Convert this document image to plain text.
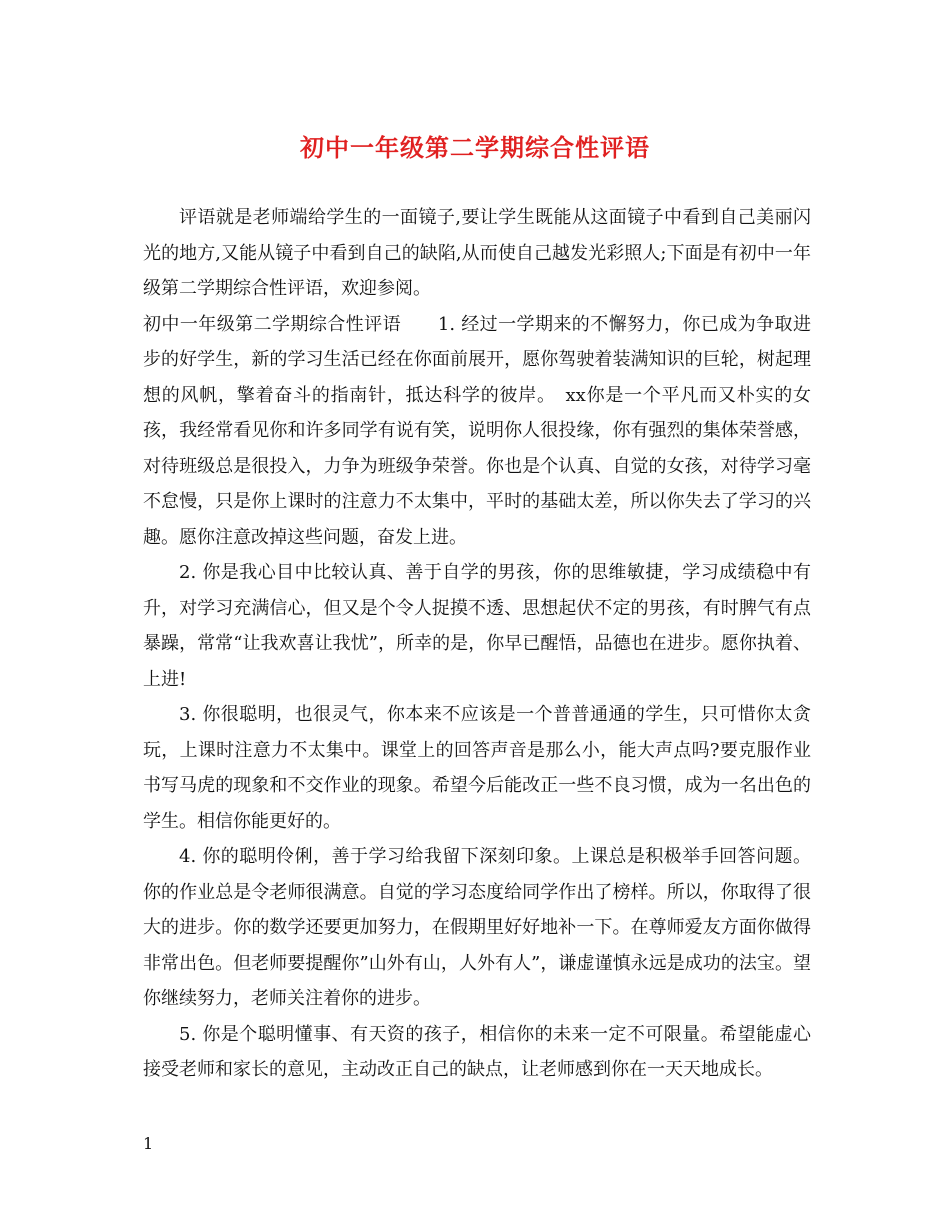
初中一年级第二学期综合性评语

评语就是老师端给学生的一面镜子,要让学生既能从这面镜子中看到自己美丽闪光的地方,又能从镜子中看到自己的缺陷,从而使自己越发光彩照人;下面是有初中一年级第二学期综合性评语，欢迎参阅。

初中一年级第二学期综合性评语　　1. 经过一学期来的不懈努力，你已成为争取进步的好学生，新的学习生活已经在你面前展开，愿你驾驶着装满知识的巨轮，树起理想的风帆，擎着奋斗的指南针，抵达科学的彼岸。　xx你是一个平凡而又朴实的女孩，我经常看见你和许多同学有说有笑，说明你人很投缘，你有强烈的集体荣誉感，对待班级总是很投入，力争为班级争荣誉。你也是个认真、自觉的女孩，对待学习毫不怠慢，只是你上课时的注意力不太集中，平时的基础太差，所以你失去了学习的兴趣。愿你注意改掉这些问题，奋发上进。

2. 你是我心目中比较认真、善于自学的男孩，你的思维敏捷，学习成绩稳中有升，对学习充满信心，但又是个令人捉摸不透、思想起伏不定的男孩，有时脾气有点暴躁，常常“让我欢喜让我忧”，所幸的是，你早已醒悟，品德也在进步。愿你执着、上进!

3. 你很聪明，也很灵气，你本来不应该是一个普普通通的学生，只可惜你太贪玩，上课时注意力不太集中。课堂上的回答声音是那么小，能大声点吗?要克服作业书写马虎的现象和不交作业的现象。希望今后能改正一些不良习惯，成为一名出色的学生。相信你能更好的。

4. 你的聪明伶俐，善于学习给我留下深刻印象。上课总是积极举手回答问题。你的作业总是令老师很满意。自觉的学习态度给同学作出了榜样。所以，你取得了很大的进步。你的数学还要更加努力，在假期里好好地补一下。在尊师爱友方面你做得非常出色。但老师要提醒你”山外有山，人外有人”，谦虚谨慎永远是成功的法宝。望你继续努力，老师关注着你的进步。

5. 你是个聪明懂事、有天资的孩子，相信你的未来一定不可限量。希望能虚心接受老师和家长的意见，主动改正自己的缺点，让老师感到你在一天天地成长。

1
